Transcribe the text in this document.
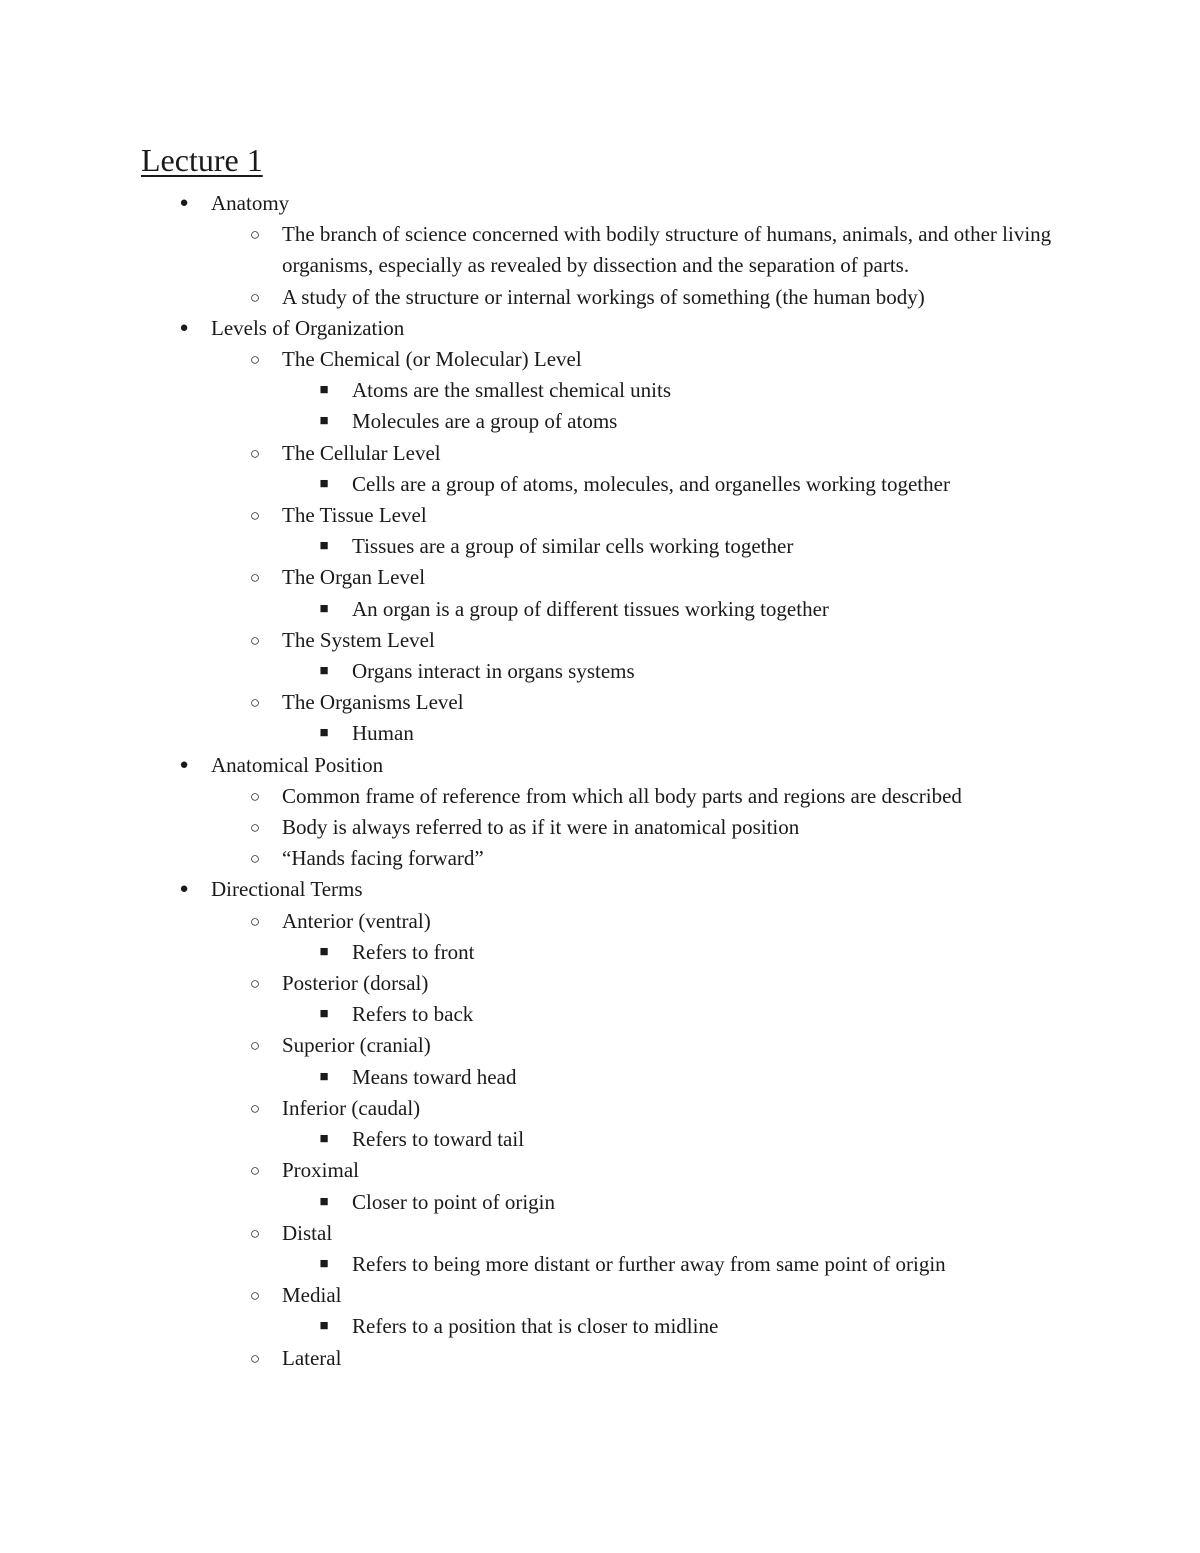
Lecture 1
● Anatomy
○ The branch of science concerned with bodily structure of humans, animals, and other living organisms, especially as revealed by dissection and the separation of parts.
○ A study of the structure or internal workings of something (the human body)
● Levels of Organization
○ The Chemical (or Molecular) Level
■ Atoms are the smallest chemical units
■ Molecules are a group of atoms
○ The Cellular Level
■ Cells are a group of atoms, molecules, and organelles working together
○ The Tissue Level
■ Tissues are a group of similar cells working together
○ The Organ Level
■ An organ is a group of different tissues working together
○ The System Level
■ Organs interact in organs systems
○ The Organisms Level
■ Human
● Anatomical Position
○ Common frame of reference from which all body parts and regions are described
○ Body is always referred to as if it were in anatomical position
○ “Hands facing forward”
● Directional Terms
○ Anterior (ventral)
■ Refers to front
○ Posterior (dorsal)
■ Refers to back
○ Superior (cranial)
■ Means toward head
○ Inferior (caudal)
■ Refers to toward tail
○ Proximal
■ Closer to point of origin
○ Distal
■ Refers to being more distant or further away from same point of origin
○ Medial
■ Refers to a position that is closer to midline
○ Lateral
